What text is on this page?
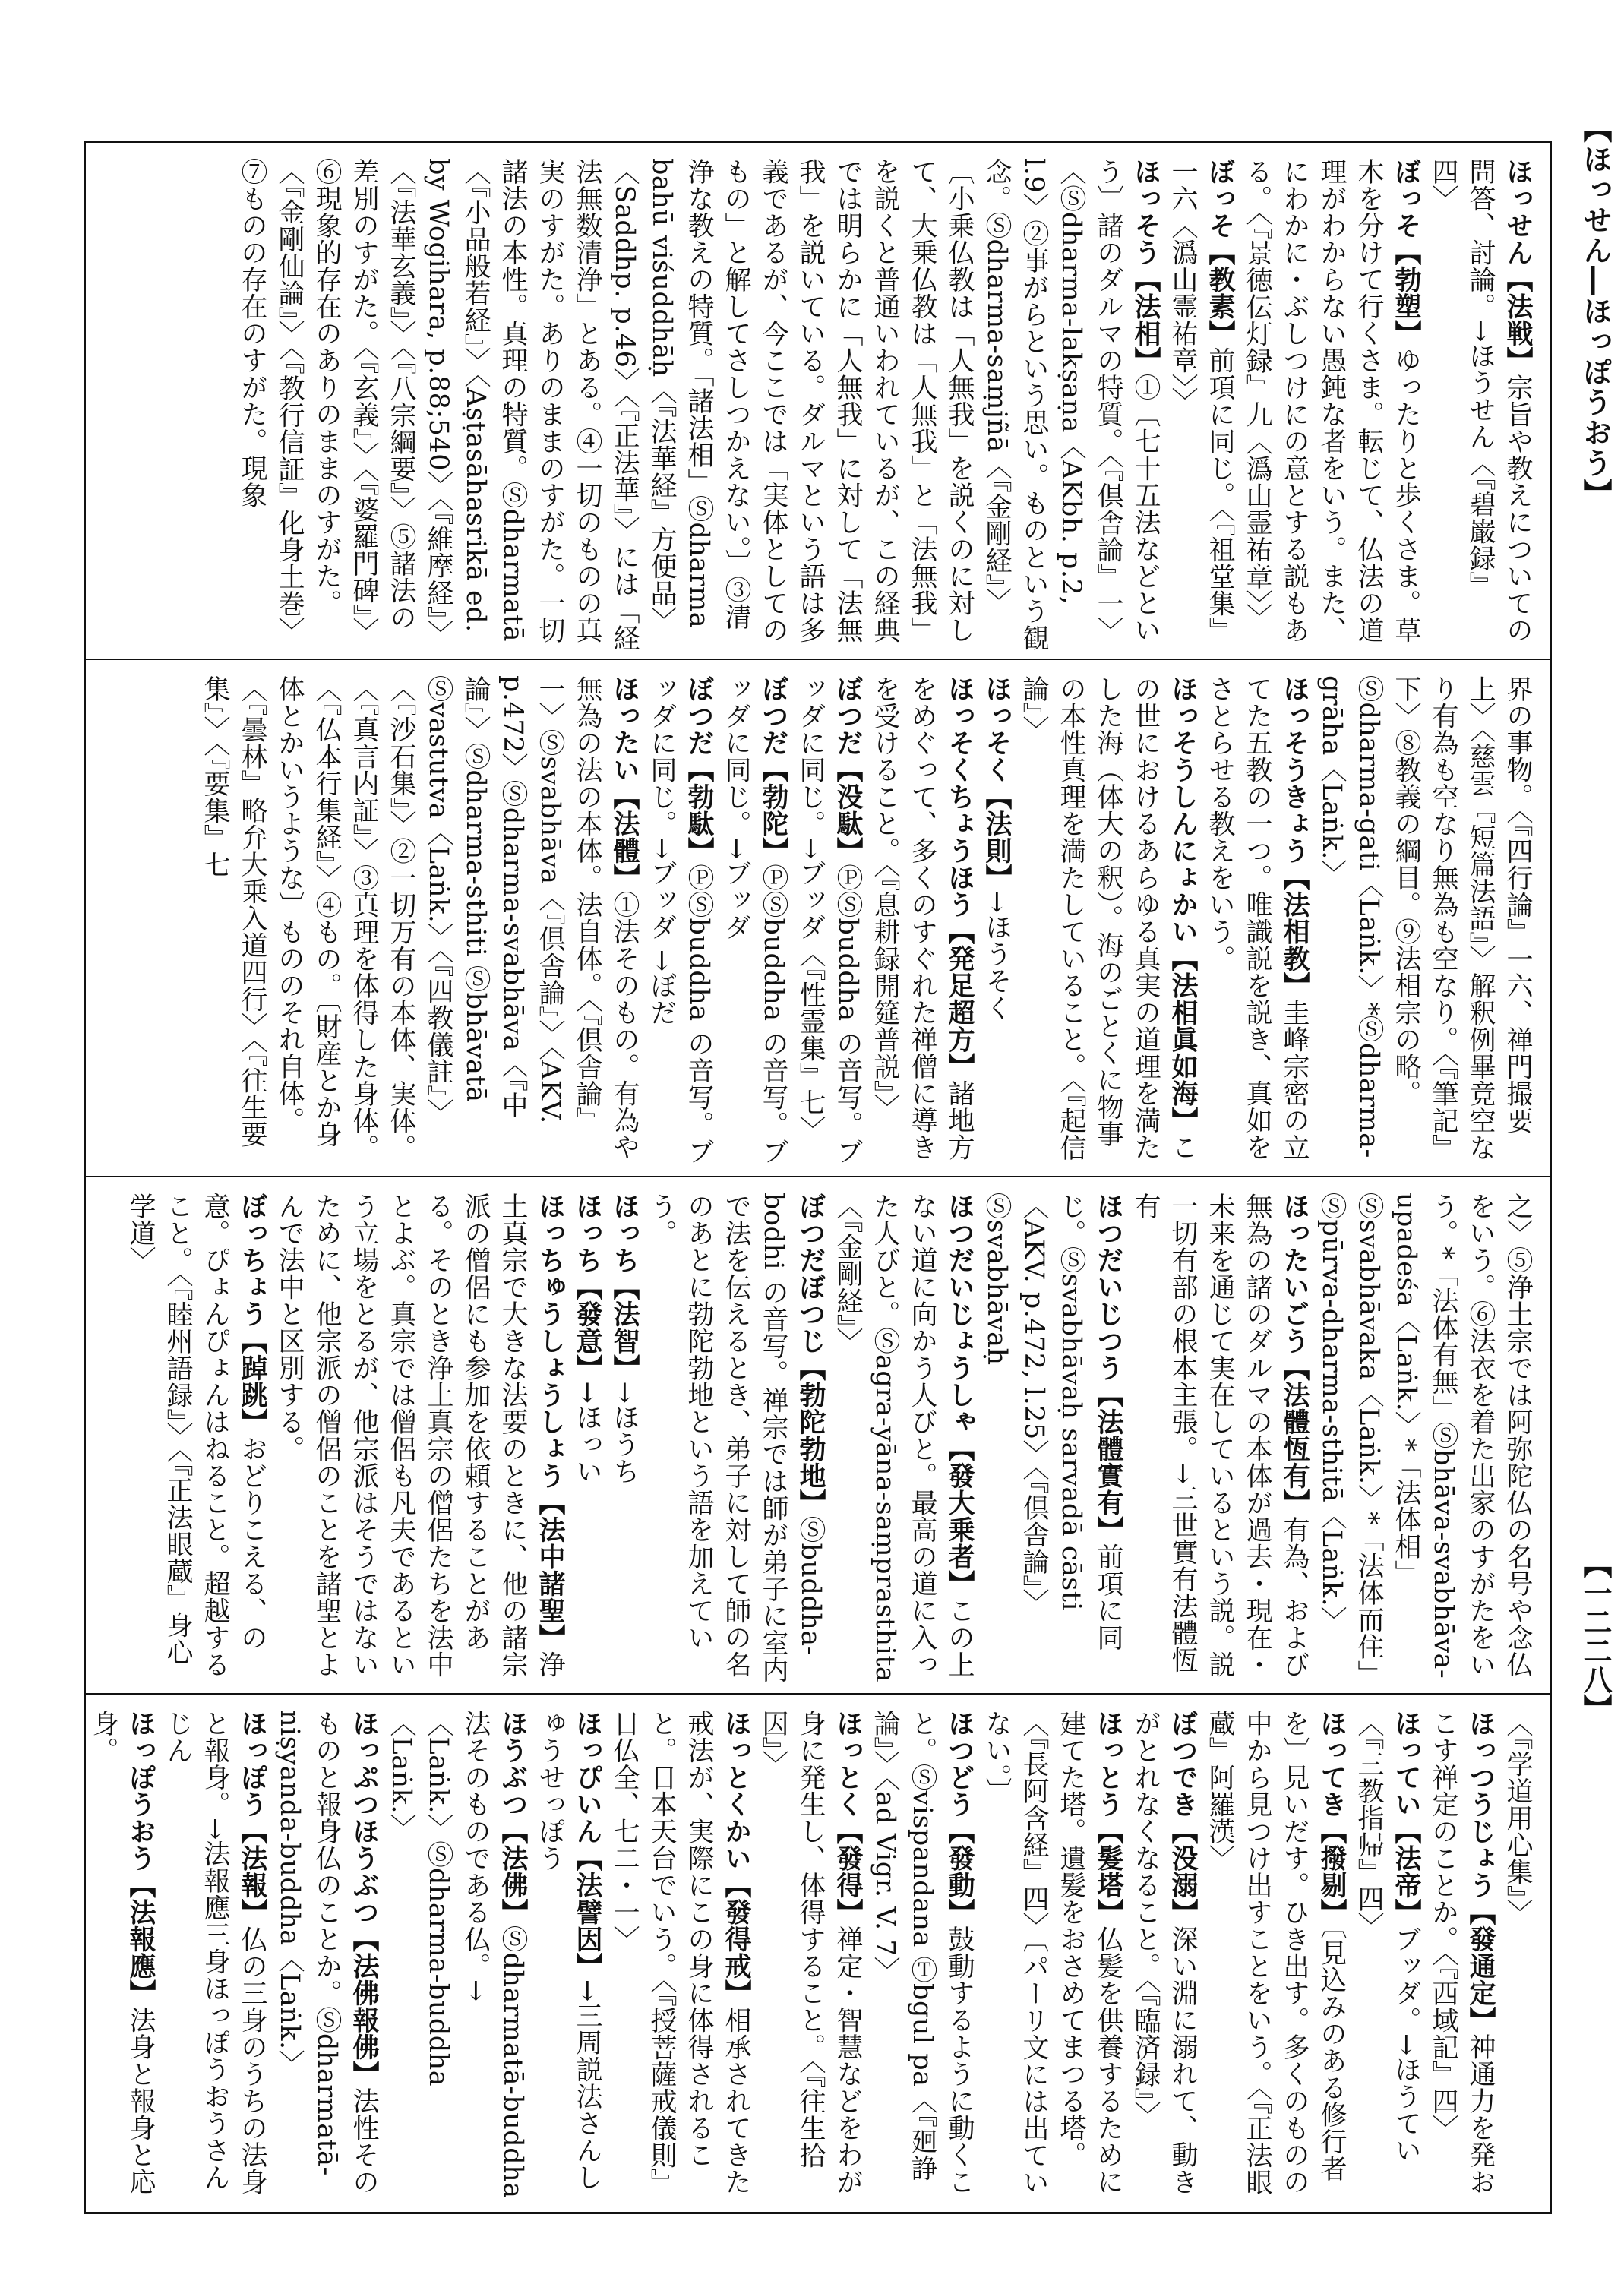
【ほっせん―ほっぽうおう】
【一二二八】
ほっせん【法戦】宗旨や教えについての問答、討論。→ほうせん〈『碧巌録』四〉
ぼっそ【勃塑】ゆったりと歩くさま。草木を分けて行くさま。転じて、仏法の道理がわからない愚鈍な者をいう。また、にわかに・ぶしつけにの意とする説もある。〈『景徳伝灯録』九〈潙山霊祐章〉〉
ぼっそ【教素】前項に同じ。〈『祖堂集』一六〈潙山霊祐章〉〉
ほっそう【法相】①〔七十五法などという〕諸のダルマの特質。〈『倶舎論』一〉〈Ⓢdharma-lakṣaṇa〈AKbh. p.2, l.9〉②事がらという思い。ものという観念。Ⓢdharma-saṃjñā〈『金剛経』〉〔小乗仏教は「人無我」を説くのに対して、大乗仏教は「人無我」と「法無我」を説くと普通いわれているが、この経典では明らかに「人無我」に対して「法無我」を説いている。ダルマという語は多義であるが、今ここでは「実体としてのもの」と解してさしつかえない。〕③清浄な教えの特質。「諸法相」Ⓢdharma bahū viśuddhāḥ〈『法華経』方便品〉〈Saddhp. p.46〉〈『正法華』〉には「経法無数清浄」とある。④一切のものの真実のすがた。ありのままのすがた。一切諸法の本性。真理の特質。Ⓢdharmatā〈『小品般若経』〉〈Aṣṭasāhasrikā ed. by Wogihara, p.88;540〉〈『維摩経』〉〈『法華玄義』〉〈『八宗綱要』〉⑤諸法の差別のすがた。〈『玄義』〉〈『婆羅門碑』〉⑥現象的存在のありのままのすがた。〈『金剛仙論』〉〈『教行信証』化身土巻〉⑦ものの存在のすがた。現象

界の事物。〈『四行論』一六、禅門撮要上〉〈慈雲『短篇法語』〉解釈例畢竟空なり有為も空なり無為も空なり。〈『筆記』下〉⑧教義の綱目。⑨法相宗の略。Ⓢdharma-gati〈Laṅk.〉*Ⓢdharma-grāha〈Laṅk.〉
ほっそうきょう【法相教】圭峰宗密の立てた五教の一つ。唯識説を説き、真如をさとらせる教えをいう。
ほっそうしんにょかい【法相眞如海】この世におけるあらゆる真実の道理を満たした海（体大の釈）。海のごとくに物事の本性真理を満たしていること。〈『起信論』〉
ほっそく【法則】→ほうそく
ほっそくちょうほう【発足超方】諸地方をめぐって、多くのすぐれた禅僧に導きを受けること。〈『息耕録開筵普説』〉
ぼつだ【没駄】ⓅⓈbuddha の音写。ブッダに同じ。→ブッダ〈『性霊集』七〉
ぼつだ【勃陀】ⓅⓈbuddha の音写。ブッダに同じ。→ブッダ
ぼつだ【勃駄】ⓅⓈbuddha の音写。ブッダに同じ。→ブッダ →ぼだ
ほったい【法體】①法そのもの。有為や無為の法の本体。法自体。〈『倶舎論』一〉Ⓢsvabhāva〈『倶舎論』〉〈AKV. p.472〉Ⓢdharma-svabhāva〈『中論』〉Ⓢdharma-sthiti Ⓢbhāvatā Ⓢvastutva〈Laṅk.〉〈『四教儀註』〉〈『沙石集』〉②一切万有の本体、実体。〈『真言内証』〉③真理を体得した身体。〈『仏本行集経』〉④もの。〔財産とか身体とかいうような〕もののそれ自体。〈『曇林』略弁大乗入道四行〉〈『往生要集』〉〈『要集』七

之〉⑤浄土宗では阿弥陀仏の名号や念仏をいう。⑥法衣を着た出家のすがたをいう。*「法体有無」Ⓢbhāva-svabhāva-upadeśa〈Laṅk.〉*「法体相」Ⓢsvabhāvaka〈Laṅk.〉*「法体而住」Ⓢpūrva-dharma-sthitā〈Laṅk.〉
ほったいごう【法體恆有】有為、および無為の諸のダルマの本体が過去・現在・未来を通じて実在しているという説。説一切有部の根本主張。→三世實有法體恆有
ほつだいじつう【法體實有】前項に同じ。Ⓢsvabhāvaḥ sarvadā cāsti〈AKV. p.472, l.25〉〈『倶舎論』〉Ⓢsvabhāvaḥ
ほつだいじょうしゃ【發大乗者】この上ない道に向かう人びと。最高の道に入った人びと。Ⓢagra-yāna-saṃprasthita〈『金剛経』〉
ぼつだぼつじ【勃陀勃地】Ⓢbuddha-bodhi の音写。禅宗では師が弟子に室内で法を伝えるとき、弟子に対して師の名のあとに勃陀勃地という語を加えていう。
ほっち【法智】→ほうち
ほっち【發意】→ほっい
ほっちゅうしょうしょう【法中諸聖】浄土真宗で大きな法要のときに、他の諸宗派の僧侶にも参加を依頼することがある。そのとき浄土真宗の僧侶たちを法中とよぶ。真宗では僧侶も凡夫であるという立場をとるが、他宗派はそうではないために、他宗派の僧侶のことを諸聖とよんで法中と区別する。
ぼっちょう【踔跳】おどりこえる、の意。ぴょんぴょんはねること。超越すること。〈『睦州語録』〉〈『正法眼蔵』身心学道〉

〈『学道用心集』〉
ほっつうじょう【發通定】神通力を発おこす禅定のことか。〈『西域記』四〉
ほってい【法帝】ブッダ。→ほうてい〈『三教指帰』四〉
ほってき【撥剔】〔見込みのある修行者を〕見いだす。ひき出す。多くのものの中から見つけ出すことをいう。〈『正法眼蔵』阿羅漢〉
ぼつでき【没溺】深い淵に溺れて、動きがとれなくなること。〈『臨済録』〉
ほっとう【髮塔】仏髪を供養するために建てた塔。遺髪をおさめてまつる塔。〈『長阿含経』四〉〔パーリ文には出ていない。〕
ほつどう【發動】鼓動するように動くこと。Ⓢvispandana Ⓣbgul pa〈『廻諍論』〉〈ad Vigr. V. 7〉
ほっとく【發得】禅定・智慧などをわが身に発生し、体得すること。〈『往生拾因』〉
ほっとくかい【發得戒】相承されてきた戒法が、実際にこの身に体得されること。日本天台でいう。〈『授菩薩戒儀則』日仏全、七二・一〉
ほっぴいん【法譬因】→三周説法さんしゅうせっぽう
ほうぶつ【法佛】Ⓢdharmatā-buddha 法そのものである仏。→
〈Laṅk.〉Ⓢdharma-buddha〈Laṅk.〉
ほっぷつほうぶつ【法佛報佛】法性そのものと報身仏のことか。Ⓢdharmatā-niṣyanda-buddha〈Laṅk.〉
ほっぽう【法報】仏の三身のうちの法身と報身。→法報應三身ほっぽうおうさんじん
ほっぽうおう【法報應】法身と報身と応身。
